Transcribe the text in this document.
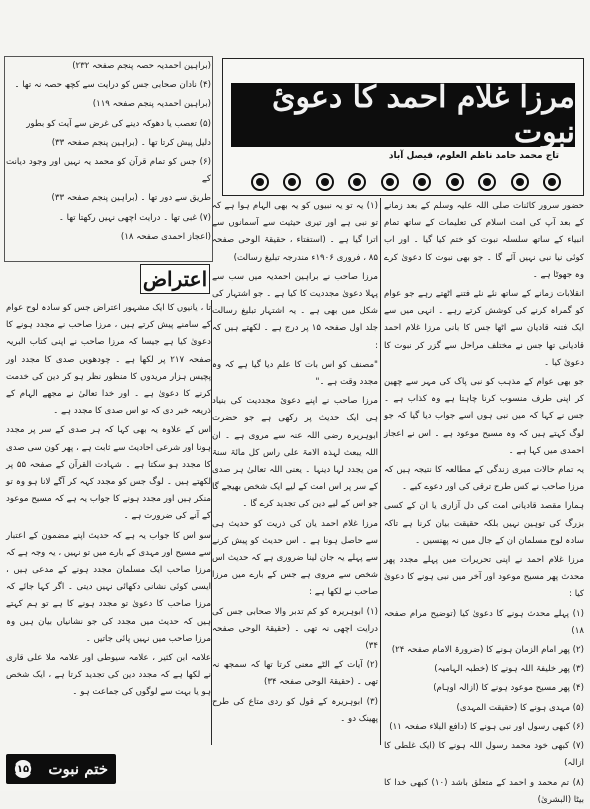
(براہین احمدیہ حصہ پنجم صفحہ ۲۳۲)

(۴) نادان صحابی جس کو درایت سے کچھ حصہ نہ تھا ۔

(براہین احمدیہ پنجم صفحہ ۱۱۹)

(۵) تعصب یا دھوکہ دینے کی غرض سے آیت کو بطور

دلیل پیش کرتا تھا ۔ (براہین پنجم صفحہ ۳۳)

(۶) جس کو تمام قرآن کو محمد یہ نہیں اور وجود دیانت کے

طریق سے دور تھا ۔ (براہین پنجم صفحہ ۳۳)

(۷) غبی تھا ۔ درایت اچھی نہیں رکھتا تھا ۔

(اعجاز احمدی صفحہ ۱۸)

مرزا غلام احمد کا دعوئ نبوت
تاج محمد حامد ناظم العلوم، فیصل آباد
اعتراض

تا ، یانیوں کا ایک مشہور اعتراض جس کو سادہ لوح عوام کے سامنے پیش کرتے ہیں ، مرزا صاحب نے مجدد ہونے کا دعویٰ کیا ہے جیسا کہ مرزا صاحب نے اپنی کتاب البریہ صفحہ ۲۱۷ پر لکھا ہے ۔ چودھویں صدی کا مجدد اور پچیس ہزار مریدوں کا منظور نظر ہو کر دین کی خدمت کرنے کا دعویٰ ہے ۔ اور خدا تعالیٰ نے مجھے الہام کے ذریعہ خبر دی کہ تو اس صدی کا مجدد ہے ۔

اس کے علاوہ یہ بھی کہا کہ ہر صدی کے سر پر مجدد ہونا اور شرعی احادیث سے ثابت ہے ، پھر کون سی صدی کا مجدد ہو سکتا ہے ۔ شہادت القرآن کے صفحہ ۵۵ پر لکھتے ہیں ۔ لوگ جس کو مجدد کہہ کر آگے لانا ہو وہ تو منکر ہیں اور مجدد ہونے کا جواب یہ ہے کہ مسیح موعود کے آنے کی ضرورت ہے ۔

سو اس کا جواب یہ ہے کہ حدیث اپنے مضمون کے اعتبار سے مسیح اور مہدی کے بارے میں تو نہیں ، یہ وجہ ہے کہ مرزا صاحب ایک مسلمان مجدد ہونے کے مدعی ہیں ، ایسی کوئی نشانی دکھائی نہیں دیتی ۔ اگر کہا جائے کہ مرزا صاحب کا دعویٰ تو مجدد ہونے کا ہے تو ہم کہتے ہیں کہ حدیث میں مجدد کی جو نشانیاں بیان ہیں وہ مرزا صاحب میں نہیں پائی جاتیں ۔

علامہ ابن کثیر ، علامہ سیوطی اور علامہ ملا علی قاری نے لکھا ہے کہ مجدد دین کی تجدید کرتا ہے ، ایک شخص ہو یا بہت سے لوگوں کی جماعت ہو ۔

(۱) یہ تو یہ نبیوں کو یہ بھی الہام ہوا ہے کہ تو نبی ہے اور تیری حیثیت سے آسمانوں سے اترا گیا ہے ۔ (استفتاء ، حقیقۃ الوحی صفحہ ۸۵ ، فروری ۱۹۰۶ء مندرجہ تبلیغ رسالت)

مرزا صاحب نے براہین احمدیہ میں سب سے پہلا دعویٰ مجددیت کا کیا ہے ۔ جو اشتہار کی شکل میں بھی ہے ۔ یہ اشتہار تبلیغ رسالت جلد اول صفحہ ۱۵ پر درج ہے ۔ لکھتے ہیں کہ :

"مصنف کو اس بات کا علم دیا گیا ہے کہ وہ مجدد وقت ہے ۔"

مرزا صاحب نے اپنے دعوئ مجددیت کی بنیاد ہی ایک حدیث پر رکھی ہے جو حضرت ابوہریرہ رضی اللہ عنہ سے مروی ہے ۔ ان اللہ یبعث لہذہ الامۃ علی راس کل مائۃ سنۃ من یجدد لہا دینہا ۔ یعنی اللہ تعالیٰ ہر صدی کے سر پر اس امت کے لیے ایک شخص بھیجے گا جو اس کے لیے دین کی تجدید کرے گا ۔

مرزا غلام احمد یان کی ذریت کو حدیث ہی سے حاصل ہونا ہے ۔ اس حدیث کو پیش کرنے سے پہلے یہ جان لینا ضروری ہے کہ حدیث اس شخص سے مروی ہے جس کے بارے میں مرزا صاحب نے لکھا ہے :

(۱) ابوہریرہ کو کم تدبر والا صحابی جس کی درایت اچھی نہ تھی ۔ (حقیقۃ الوحی صفحہ ۳۴)

(۲) آیات کے الٹے معنی کرتا تھا کہ سمجھ نہ تھی ۔ (حقیقۃ الوحی صفحہ ۳۴)

(۳) ابوہریرہ کے قول کو ردی متاع کی طرح پھینک دو ۔

حضور سرور کائنات صلی اللہ علیہ وسلم کے بعد زمانے کے بعد آپ کی امت اسلام کی تعلیمات کے ساتھ تمام انبیاء کے ساتھ سلسلہ نبوت کو ختم کیا گیا ۔ اور اب کوئی نیا نبی نہیں آئے گا ۔ جو بھی نبوت کا دعویٰ کرے وہ جھوٹا ہے ۔

انقلابات زمانے کے ساتھ نئے نئے فتنے اٹھتے رہے جو عوام کو گمراہ کرنے کی کوشش کرتے رہے ۔ انہی میں سے ایک فتنہ قادیان سے اٹھا جس کا بانی مرزا غلام احمد قادیانی تھا جس نے مختلف مراحل سے گزر کر نبوت کا دعویٰ کیا ۔

جو بھی عوام کے مذہب کو نبی پاک کی مہر سے چھین کر اپنی طرف منسوب کرنا چاہتا ہے وہ کذاب ہے ۔ جس نے کہا کہ میں نبی ہوں اسے جواب دیا گیا کہ جو لوگ کہتے ہیں کہ وہ مسیح موعود ہے ۔ اس نے اعجاز احمدی میں کہا ہے ۔

یہ تمام حالات میری زندگی کے مطالعہ کا نتیجہ ہیں کہ مرزا صاحب نے کس طرح ترقی کی اور دعوے کیے ۔

ہمارا مقصد قادیانی امت کی دل آزاری یا ان کے کسی بزرگ کی توہین نہیں بلکہ حقیقت بیان کرنا ہے تاکہ سادہ لوح مسلمان ان کے جال میں نہ پھنسیں ۔

مرزا غلام احمد نے اپنی تحریرات میں پہلے مجدد پھر محدث پھر مسیح موعود اور آخر میں نبی ہونے کا دعویٰ کیا :

(۱) پہلے محدث ہونے کا دعویٰ کیا (توضیح مرام صفحہ ۱۸)

(۲) پھر امام الزمان ہونے کا (ضرورۃ الامام صفحہ ۲۴)

(۳) پھر خلیفۃ اللہ ہونے کا (خطبہ الہامیہ)

(۴) پھر مسیح موعود ہونے کا (ازالہ اوہام)

(۵) مہدی ہونے کا (حقیقت المہدی)

(۶) کبھی رسول اور نبی ہونے کا (دافع البلاء صفحہ ۱۱)

(۷) کبھی خود محمد رسول اللہ ہونے کا (ایک غلطی کا ازالہ)

(۸) تم محمد و احمد کے متعلق باشد (۱۰) کبھی خدا کا بیٹا (البشریٰ)

(۱۵) ختم نبوت
